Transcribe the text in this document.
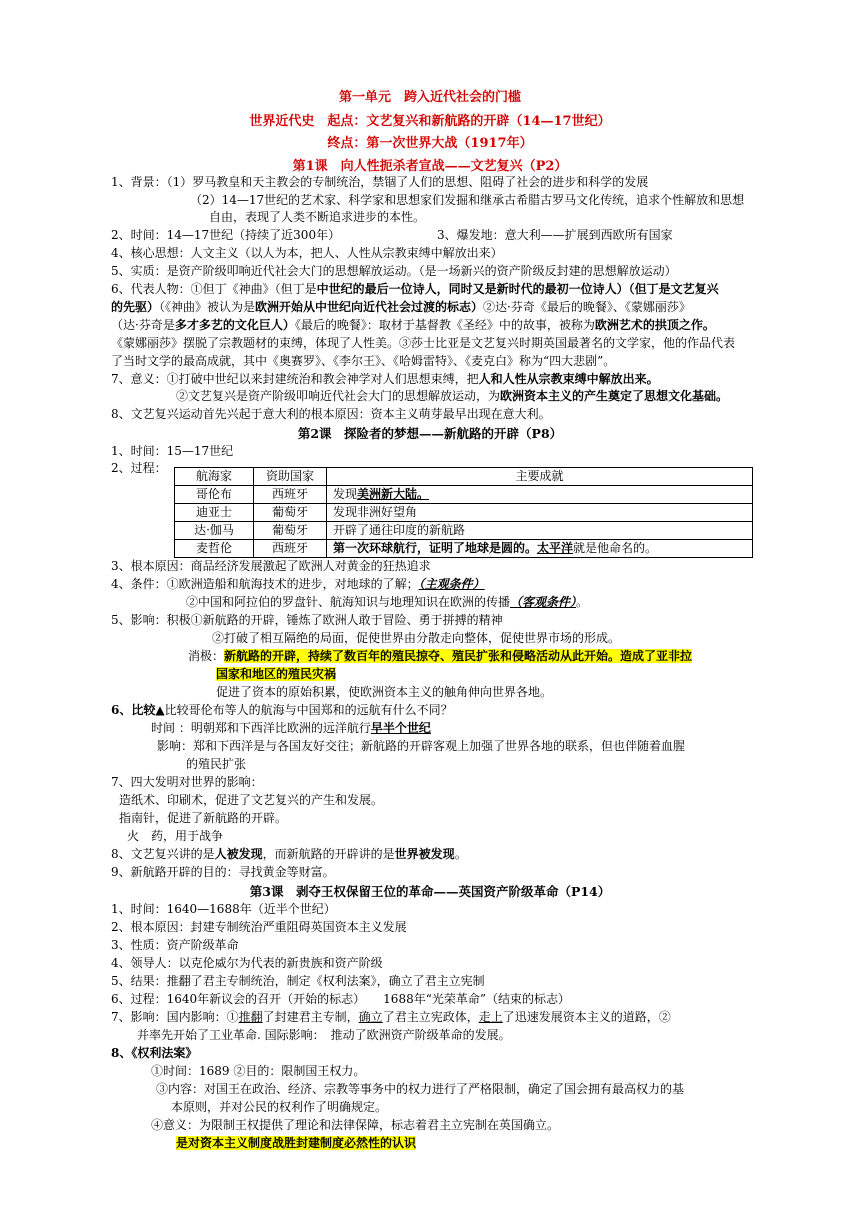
第一单元　跨入近代社会的门槛
世界近代史　起点：文艺复兴和新航路的开辟（14—17世纪）
终点：第一次世界大战（1917年）
第1课　向人性扼杀者宣战——文艺复兴（P2）
1、背景：（1）罗马教皇和天主教会的专制统治，禁锢了人们的思想、阻碍了社会的进步和科学的发展
（2）14—17世纪的艺术家、科学家和思想家们发掘和继承古希腊古罗马文化传统，追求个性解放和思想
自由，表现了人类不断追求进步的本性。
2、时间：14—17世纪（持续了近300年）	3、爆发地：意大利——扩展到西欧所有国家
4、核心思想：人文主义（以人为本，把人、人性从宗教束缚中解放出来）
5、实质：是资产阶级叩响近代社会大门的思想解放运动。（是一场新兴的资产阶级反封建的思想解放运动）
6、代表人物：①但丁《神曲》（但丁是中世纪的最后一位诗人，同时又是新时代的最初一位诗人）（但丁是文艺复兴
的先驱）（《神曲》被认为是欧洲开始从中世纪向近代社会过渡的标志）②达·芬奇《最后的晚餐》、《蒙娜丽莎》
（达·芬奇是多才多艺的文化巨人）《最后的晚餐》：取材于基督教《圣经》中的故事，被称为欧洲艺术的拱顶之作。
《蒙娜丽莎》摆脱了宗教题材的束缚，体现了人性美。③莎士比亚是文艺复兴时期英国最著名的文学家，他的作品代表
了当时文学的最高成就，其中《奥赛罗》、《李尔王》、《哈姆雷特》、《麦克白》称为“四大悲剧”。
7、意义：①打破中世纪以来封建统治和教会神学对人们思想束缚，把人和人性从宗教束缚中解放出来。
②文艺复兴是资产阶级叩响近代社会大门的思想解放运动，为欧洲资本主义的产生奠定了思想文化基础。
8、文艺复兴运动首先兴起于意大利的根本原因：资本主义萌芽最早出现在意大利。
第2课　探险者的梦想——新航路的开辟（P8）
1、时间：15—17世纪
2、过程：
航海家	资助国家	主要成就
哥伦布	西班牙	发现美洲新大陆。
迪亚士	葡萄牙	发现非洲好望角
达·伽马	葡萄牙	开辟了通往印度的新航路
麦哲伦	西班牙	第一次环球航行，证明了地球是圆的。太平洋就是他命名的。
3、根本原因：商品经济发展激起了欧洲人对黄金的狂热追求
4、条件：①欧洲造船和航海技术的进步，对地球的了解；（主观条件）
②中国和阿拉伯的罗盘针、航海知识与地理知识在欧洲的传播（客观条件）。
5、影响：积极①新航路的开辟，锤炼了欧洲人敢于冒险、勇于拼搏的精神
②打破了相互隔绝的局面，促使世界由分散走向整体，促使世界市场的形成。
消极：新航路的开辟，持续了数百年的殖民掠夺、殖民扩张和侵略活动从此开始。造成了亚非拉
国家和地区的殖民灾祸
促进了资本的原始积累，使欧洲资本主义的触角伸向世界各地。
6、比较▲比较哥伦布等人的航海与中国郑和的远航有什么不同？
时间 ：明朝郑和下西洋比欧洲的远洋航行早半个世纪
影响：郑和下西洋是与各国友好交往；新航路的开辟客观上加强了世界各地的联系，但也伴随着血腥
的殖民扩张
7、四大发明对世界的影响：
造纸术、印刷术，促进了文艺复兴的产生和发展。
指南针，促进了新航路的开辟。
火　药，用于战争
8、文艺复兴讲的是人被发现，而新航路的开辟讲的是世界被发现。
9、新航路开辟的目的：寻找黄金等财富。
第3课　剥夺王权保留王位的革命——英国资产阶级革命（P14）
1、时间：1640—1688年（近半个世纪）
2、根本原因：封建专制统治严重阻碍英国资本主义发展
3、性质：资产阶级革命
4、领导人：以克伦威尔为代表的新贵族和资产阶级
5、结果：推翻了君主专制统治，制定《权利法案》，确立了君主立宪制
6、过程：1640年新议会的召开（开始的标志）　　1688年“光荣革命”（结束的标志）
7、影响：国内影响：①推翻了封建君主专制，确立了君主立宪政体，走上了迅速发展资本主义的道路，②
并率先开始了工业革命. 国际影响：　推动了欧洲资产阶级革命的发展。
8、《权利法案》
①时间：1689 ②目的：限制国王权力。
③内容：对国王在政治、经济、宗教等事务中的权力进行了严格限制，确定了国会拥有最高权力的基
本原则，并对公民的权利作了明确规定。
④意义：为限制王权提供了理论和法律保障，标志着君主立宪制在英国确立。
是对资本主义制度战胜封建制度必然性的认识
